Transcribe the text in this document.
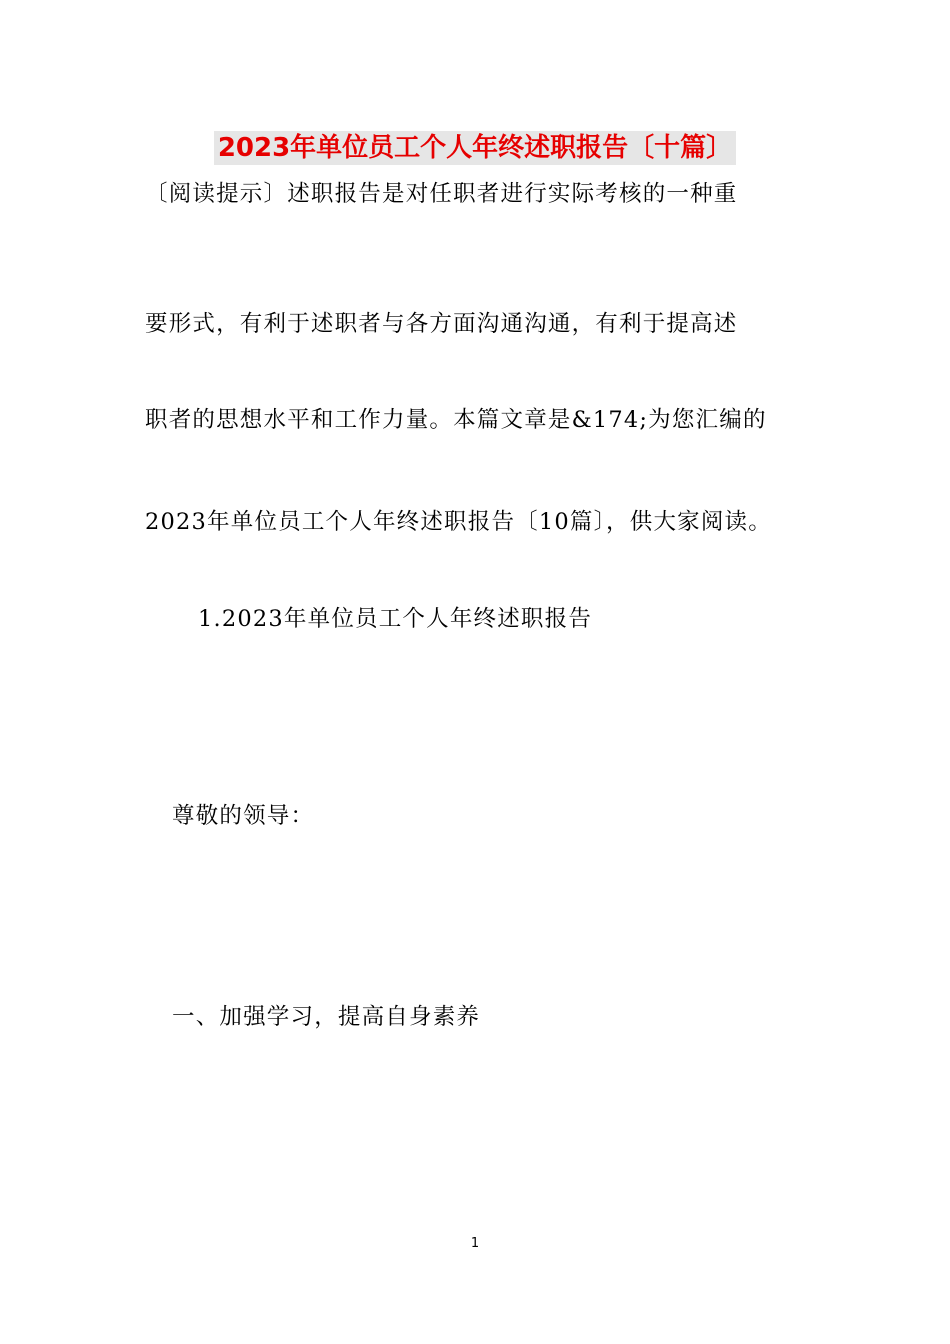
2023年单位员工个人年终述职报告〔十篇〕
〔阅读提示〕述职报告是对任职者进行实际考核的一种重
要形式，有利于述职者与各方面沟通沟通，有利于提高述
职者的思想水平和工作力量。本篇文章是&174;为您汇编的
2023年单位员工个人年终述职报告〔10篇〕，供大家阅读。
1.2023年单位员工个人年终述职报告
尊敬的领导：
一、加强学习，提高自身素养
1
